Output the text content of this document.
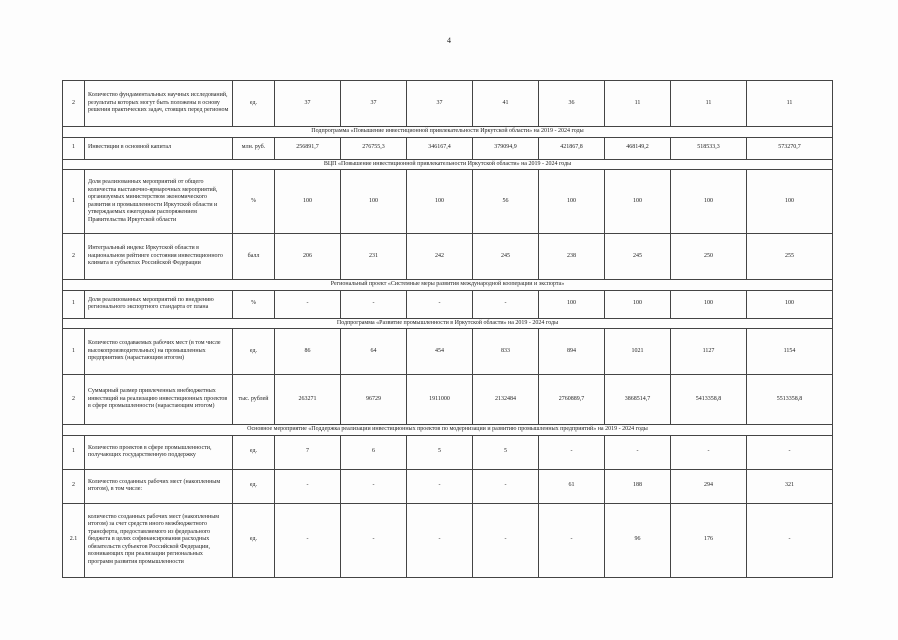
4
2	Количество фундаментальных научных исследований, результаты которых могут быть положены в основу решения практических задач, стоящих перед регионом	ед.	37	37	37	41	36	11	11	11
Подпрограмма «Повышение инвестиционной привлекательности Иркутской области» на 2019 - 2024 годы										
1	Инвестиции в основной капитал	млн. руб.	256891,7	276755,3	346167,4	379094,9	421867,8	468149,2	518533,3	573270,7
ВЦП «Повышение инвестиционной привлекательности Иркутской области» на 2019 - 2024 годы										
1	Доля реализованных мероприятий от общего количества выставочно-ярмарочных мероприятий, организуемых министерством экономического развития и промышленности Иркутской области и утверждаемых ежегодным распоряжением Правительства Иркутской области	%	100	100	100	56	100	100	100	100
2	Интегральный индекс Иркутской области в национальном рейтинге состояния инвестиционного климата в субъектах Российской Федерации	балл	206	231	242	245	238	245	250	255
Региональный проект «Системные меры развития международной кооперации и экспорта»										
1	Доля реализованных мероприятий по внедрению регионального экспортного стандарта от плана	%	-	-	-	-	100	100	100	100
Подпрограмма «Развитие промышленности в Иркутской области» на 2019 - 2024 годы										
1	Количество создаваемых рабочих мест (в том числе высокопроизводительных) на промышленных предприятиях (нарастающим итогом)	ед.	86	64	454	833	894	1021	1127	1154
2	Суммарный размер привлеченных внебюджетных инвестиций на реализацию инвестиционных проектов в сфере промышленности (нарастающим итогом)	тыс. рублей	263271	96729	1911000	2132484	2760889,7	3868514,7	5413358,8	5513358,8
Основное мероприятие «Поддержка реализации инвестиционных проектов по модернизации и развитию промышленных предприятий» на 2019 - 2024 годы										
1	Количество проектов в сфере промышленности, получающих государственную поддержку	ед.	7	6	5	5	-	-	-	-
2	Количество созданных рабочих мест (накопленным итогом), в том числе:	ед.	-	-	-	-	61	188	294	321
2.1	количество созданных рабочих мест (накопленным итогом) за счет средств иного межбюджетного трансферта, предоставляемого из федерального бюджета в целях софинансирования расходных обязательств субъектов Российской Федерации, возникающих при реализации региональных программ развития промышленности	ед.	-	-	-	-	-	96	176	-
